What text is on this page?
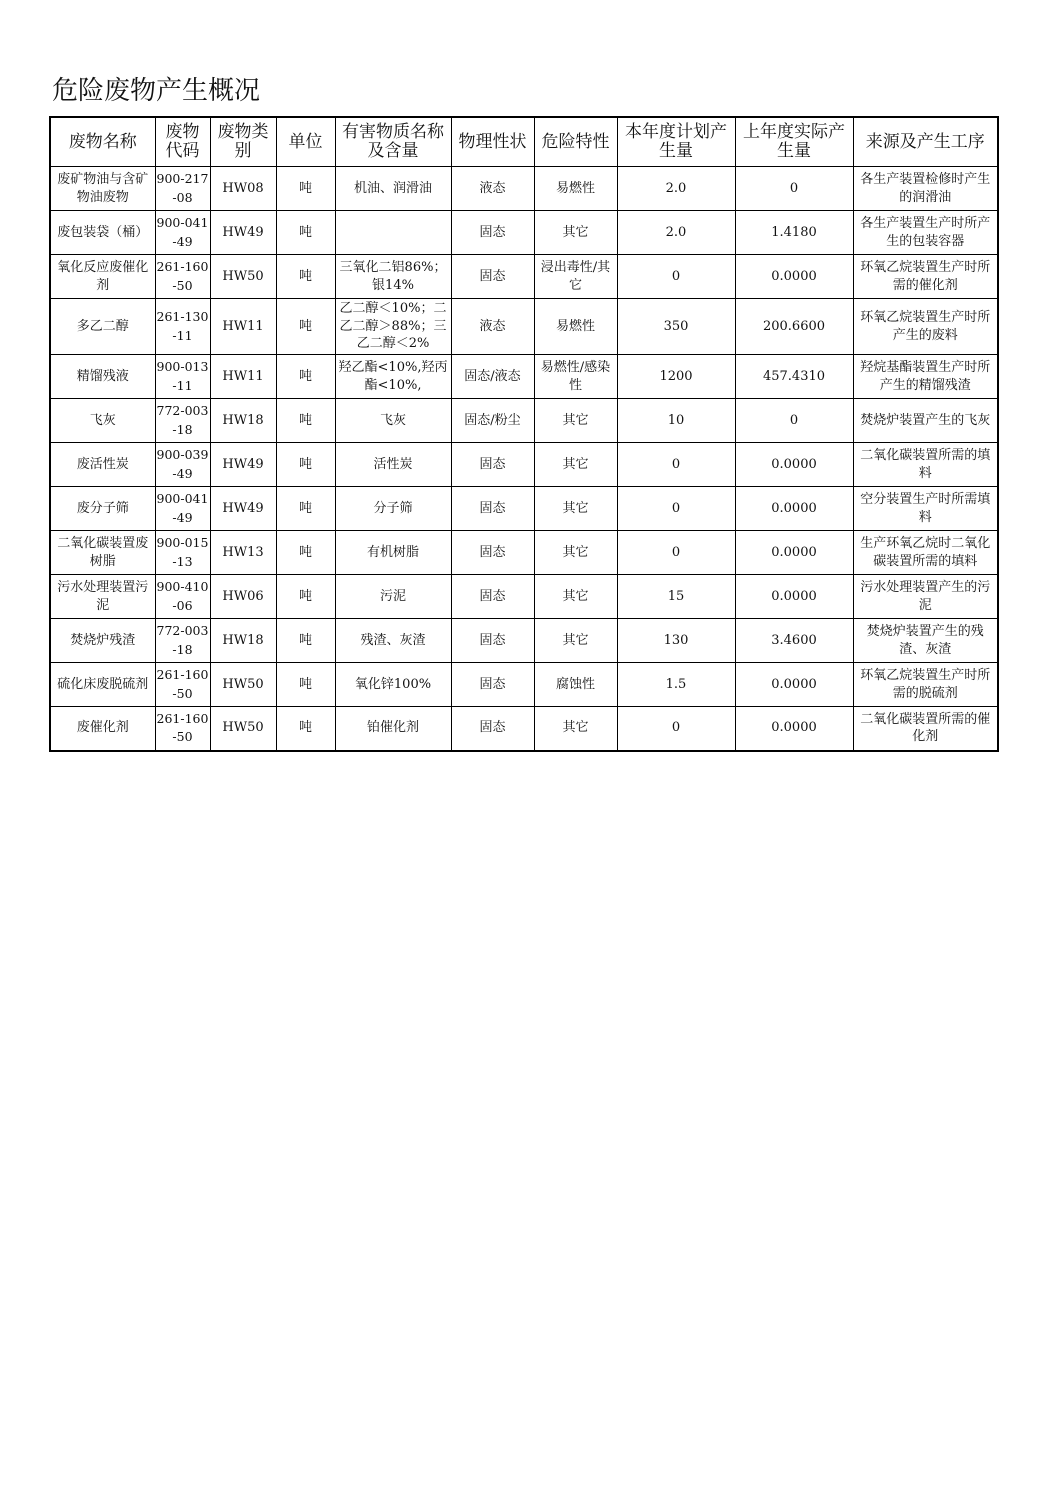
危险废物产生概况
废物名称	废物代码	废物类别	单位	有害物质名称及含量	物理性状	危险特性	本年度计划产生量	上年度实际产生量	来源及产生工序
废矿物油与含矿物油废物	900-217-08	HW08	吨	机油、润滑油	液态	易燃性	2.0	0	各生产装置检修时产生的润滑油
废包装袋（桶）	900-041-49	HW49	吨		固态	其它	2.0	1.4180	各生产装置生产时所产生的包装容器
氧化反应废催化剂	261-160-50	HW50	吨	三氧化二铝86%；银14%	固态	浸出毒性/其它	0	0.0000	环氧乙烷装置生产时所需的催化剂
多乙二醇	261-130-11	HW11	吨	乙二醇＜10%；二乙二醇＞88%；三乙二醇＜2%	液态	易燃性	350	200.6600	环氧乙烷装置生产时所产生的废料
精馏残液	900-013-11	HW11	吨	羟乙酯<10%,羟丙酯<10%,	固态/液态	易燃性/感染性	1200	457.4310	羟烷基酯装置生产时所产生的精馏残渣
飞灰	772-003-18	HW18	吨	飞灰	固态/粉尘	其它	10	0	焚烧炉装置产生的飞灰
废活性炭	900-039-49	HW49	吨	活性炭	固态	其它	0	0.0000	二氧化碳装置所需的填料
废分子筛	900-041-49	HW49	吨	分子筛	固态	其它	0	0.0000	空分装置生产时所需填料
二氧化碳装置废树脂	900-015-13	HW13	吨	有机树脂	固态	其它	0	0.0000	生产环氧乙烷时二氧化碳装置所需的填料
污水处理装置污泥	900-410-06	HW06	吨	污泥	固态	其它	15	0.0000	污水处理装置产生的污泥
焚烧炉残渣	772-003-18	HW18	吨	残渣、灰渣	固态	其它	130	3.4600	焚烧炉装置产生的残渣、灰渣
硫化床废脱硫剂	261-160-50	HW50	吨	氧化锌100%	固态	腐蚀性	1.5	0.0000	环氧乙烷装置生产时所需的脱硫剂
废催化剂	261-160-50	HW50	吨	铂催化剂	固态	其它	0	0.0000	二氧化碳装置所需的催化剂
